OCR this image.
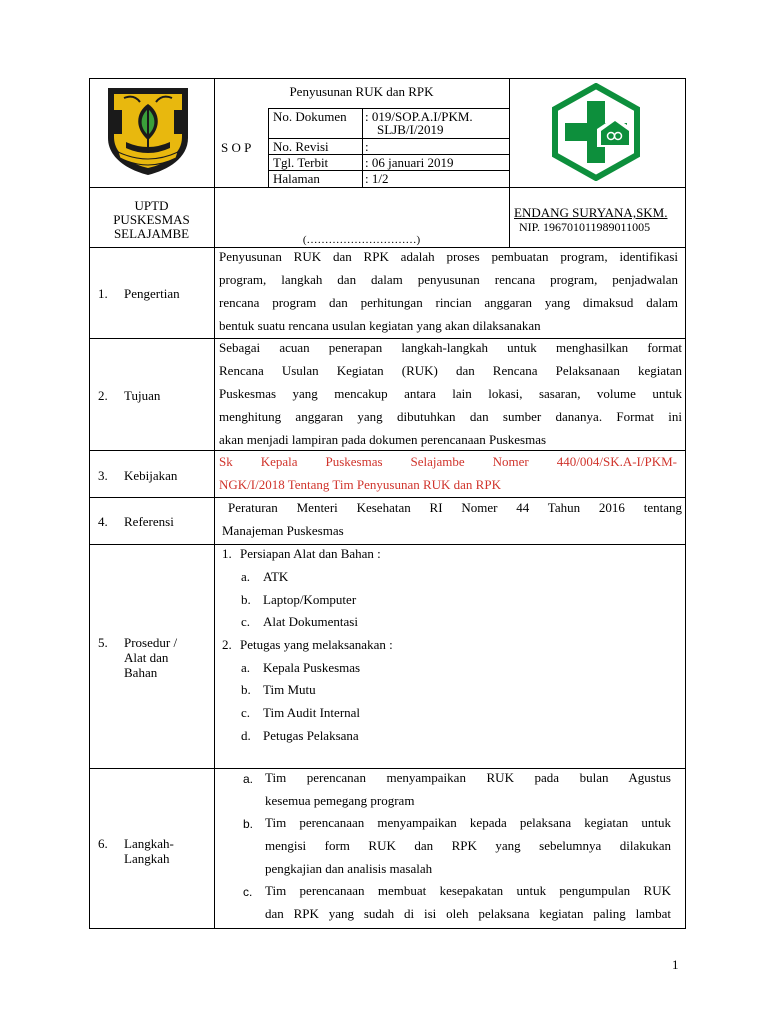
Penyusunan RUK dan RPK
S O P
No. Dokumen : 019/SOP.A.I/PKM.
SLJB/I/2019
No. Revisi	:
Tgl. Terbit	: 06 januari 2019
Halaman	: 1/2
UPTD
PUSKESMAS
SELAJAMBE	(…………………………)
ENDANG SURYANA,SKM.
NIP. 196701011989011005
1. Pengertian
Penyusunan RUK dan RPK adalah proses pembuatan program, identifikasi
program, langkah dan dalam penyusunan rencana program, penjadwalan
rencana program dan perhitungan rincian anggaran yang dimaksud dalam
bentuk suatu rencana usulan kegiatan yang akan dilaksanakan
2. Tujuan
Sebagai acuan penerapan langkah-langkah untuk menghasilkan format
Rencana Usulan Kegiatan (RUK) dan Rencana Pelaksanaan kegiatan
Puskesmas yang mencakup antara lain lokasi, sasaran, volume untuk
menghitung anggaran yang dibutuhkan dan sumber dananya. Format ini
akan menjadi lampiran pada dokumen perencanaan Puskesmas
3. Kebijakan
Sk Kepala Puskesmas Selajambe Nomer 440/004/SK.A-I/PKM-
NGK/I/2018 Tentang Tim Penyusunan RUK dan RPK
4. Referensi
Peraturan Menteri Kesehatan RI Nomer 44 Tahun 2016 tentang
Manajeman Puskesmas
5. Prosedur /
Alat dan
Bahan
1. Persiapan Alat dan Bahan :
a. ATK
b. Laptop/Komputer
c. Alat Dokumentasi
2. Petugas yang melaksanakan :
a. Kepala Puskesmas
b. Tim Mutu
c. Tim Audit Internal
d. Petugas Pelaksana
6. Langkah-
Langkah
a. Tim perencanan menyampaikan RUK pada bulan Agustus
kesemua pemegang program
b. Tim perencanaan menyampaikan kepada pelaksana kegiatan untuk
mengisi form RUK dan RPK yang sebelumnya dilakukan
pengkajian dan analisis masalah
c. Tim perencanaan membuat kesepakatan untuk pengumpulan RUK
dan RPK yang sudah di isi oleh pelaksana kegiatan paling lambat
1
